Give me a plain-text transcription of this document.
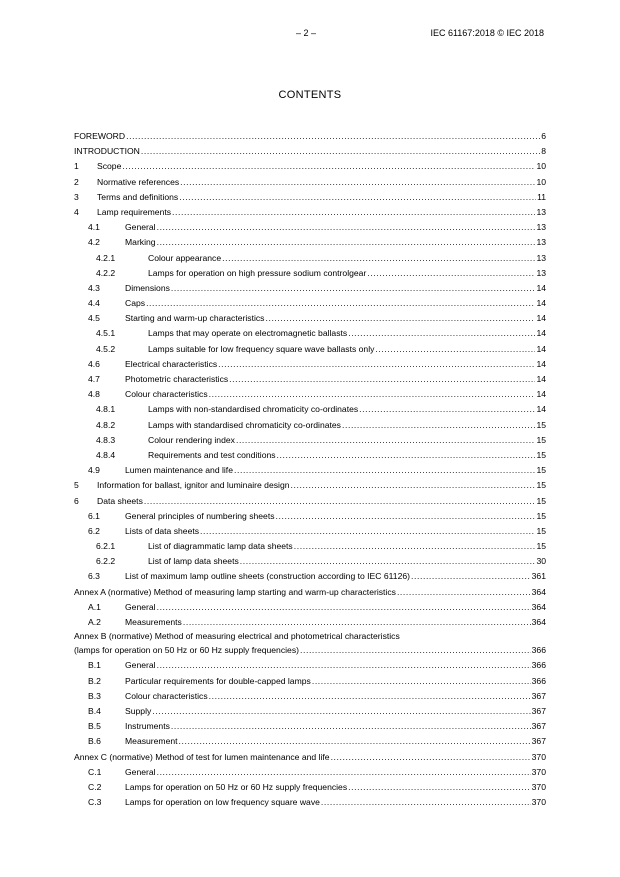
– 2 –	IEC 61167:2018 © IEC 2018
CONTENTS
FOREWORD .....	6
INTRODUCTION .....	8
1	Scope .....	10
2	Normative references .....	10
3	Terms and definitions .....	11
4	Lamp requirements .....	13
4.1	General .....	13
4.2	Marking .....	13
4.2.1	Colour appearance .....	13
4.2.2	Lamps for operation on high pressure sodium controlgear .....	13
4.3	Dimensions .....	14
4.4	Caps .....	14
4.5	Starting and warm-up characteristics .....	14
4.5.1	Lamps that may operate on electromagnetic ballasts .....	14
4.5.2	Lamps suitable for low frequency square wave ballasts only .....	14
4.6	Electrical characteristics .....	14
4.7	Photometric characteristics .....	14
4.8	Colour characteristics .....	14
4.8.1	Lamps with non-standardised chromaticity co-ordinates .....	14
4.8.2	Lamps with standardised chromaticity co-ordinates .....	15
4.8.3	Colour rendering index .....	15
4.8.4	Requirements and test conditions .....	15
4.9	Lumen maintenance and life .....	15
5	Information for ballast, ignitor and luminaire design .....	15
6	Data sheets .....	15
6.1	General principles of numbering sheets .....	15
6.2	Lists of data sheets .....	15
6.2.1	List of diagrammatic lamp data sheets .....	15
6.2.2	List of lamp data sheets .....	30
6.3	List of maximum lamp outline sheets (construction according to IEC 61126) .....	361
Annex A (normative) Method of measuring lamp starting and warm-up characteristics .....	364
A.1	General .....	364
A.2	Measurements .....	364
Annex B (normative) Method of measuring electrical and photometrical characteristics
(lamps for operation on 50 Hz or 60 Hz supply frequencies) .....	366
B.1	General .....	366
B.2	Particular requirements for double-capped lamps .....	366
B.3	Colour characteristics .....	367
B.4	Supply .....	367
B.5	Instruments .....	367
B.6	Measurement .....	367
Annex C (normative) Method of test for lumen maintenance and life .....	370
C.1	General .....	370
C.2	Lamps for operation on 50 Hz or 60 Hz supply frequencies .....	370
C.3	Lamps for operation on low frequency square wave .....	370
